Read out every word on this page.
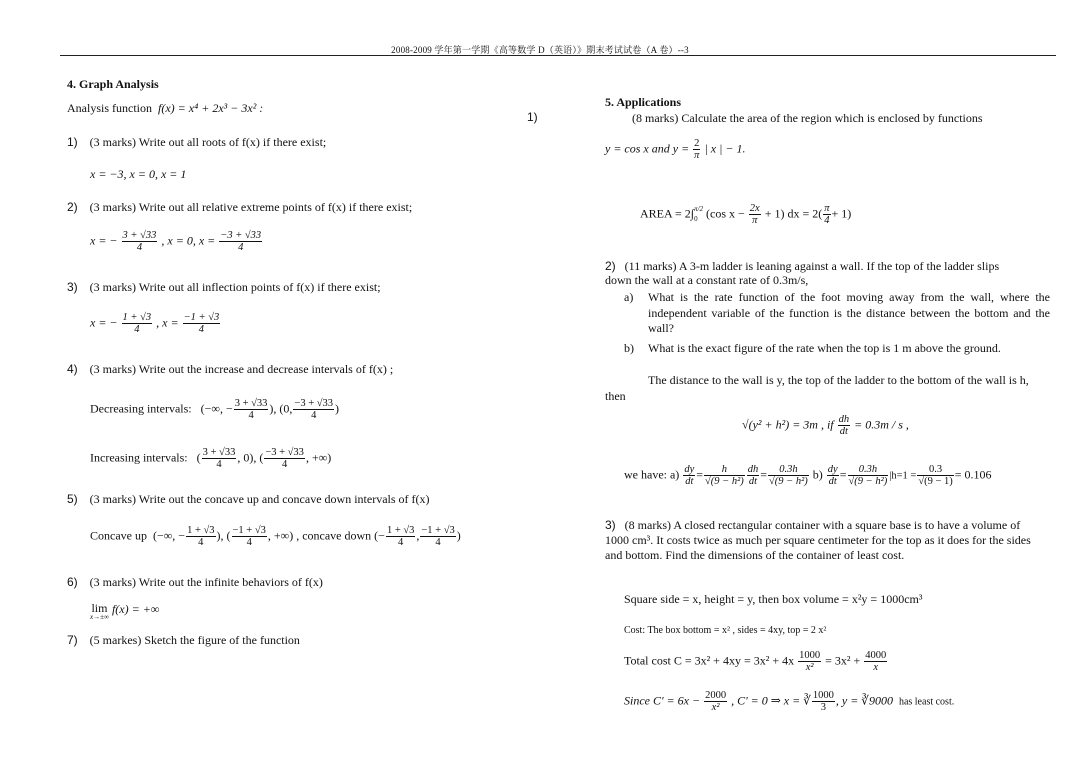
2008-2009 学年第一学期《高等数学 D（英语）》期末考试试卷（A 卷）--3
4. Graph Analysis
Analysis function f(x) = x⁴ + 2x³ − 3x² :
1) (3 marks) Write out all roots of f(x) if there exist;
x = −3, x = 0, x = 1
2) (3 marks) Write out all relative extreme points of f(x) if there exist;
x = − $\frac{3 + √33}{4}$ , x = 0, $x = \frac{-3 + √33}{4}$
3) (3 marks) Write out all inflection points of f(x) if there exist;
x = − $\frac{1 + √3}{4}$ , $x = \frac{-1 + √3}{4}$
4) (3 marks) Write out the increase and decrease intervals of f(x) ;
Decreasing intervals: (−∞, − $\frac{3 + √33}{4}$ ), (0, $\frac{-3 + √33}{4}$ )
Increasing intervals: ( $\frac{3 + √33}{4}$ , 0), ( $\frac{-3 + √33}{4}$ , +∞)
5) (3 marks) Write out the concave up and concave down intervals of f(x)
Concave up (−∞, − $\frac{1 + √3}{4}$ ), ( $\frac{-1 + √3}{4}$ , +∞) , concave down (− $\frac{1 + √3}{4}$ , $\frac{-1 + √3}{4}$ )
6) (3 marks) Write out the infinite behaviors of f(x)
lim
x→±∞
f(x) = +∞
7) (5 markes) Sketch the figure of the function
1)
5. Applications
(8 marks) Calculate the area of the region which is enclosed by functions
y = cos x and $y = \frac{2}{\pi}$ | x | − 1.
AREA = 2∫ π/2
0 (cos $x - \frac{2x}{\pi} + 1$) dx = $2( \frac{\pi}{4} + 1)$
2) (11 marks) A 3-m ladder is leaning against a wall. If the top of the ladder slips
down the wall at a constant rate of 0.3m/s,
a) What is the rate function of the foot moving away from the wall, where the independent variable of the function is the distance between the bottom and the wall?
b) What is the exact figure of the rate when the top is 1 m above the ground.
The distance to the wall is y, the top of the ladder to the bottom of the wall is h,
then
√(y² + h²) = 3m , if $\frac{dh}{dt} = 0.3m / s$ ,
we have: $a) \frac{dy}{dt} = \frac{h}{\text{√(9 − h²)}} \frac{dh}{dt} = \frac{0.3h}{\text{√(9 − h²)}} b) \frac{dy}{dt} = \frac{0.3h}{\text{√(9 − h²)}} |h=1 = \frac{0.3}{√(9 - 1)} = 0.106$
3) (8 marks) A closed rectangular container with a square base is to have a volume of
1000 cm³. It costs twice as much per square centimeter for the top as it does for the sides
and bottom. Find the dimensions of the container of least cost.
Square side = x, height = y, then box volume = x²y = 1000cm³
Cost: The box bottom = x² , sides = 4xy, top = 2 x²
Total cost $C = 3x^2 + 4xy = 3x^2 + 4x \frac{1000}{\text{x²}} = 3x^2 + \frac{4000}{x}$
Since $C' = 6x - \frac{2000}{\text{x²}}$ , C' = 0 ⇒ x = ∛ $\frac{1000}{3}$ , y = ∛9000 has least cost.
